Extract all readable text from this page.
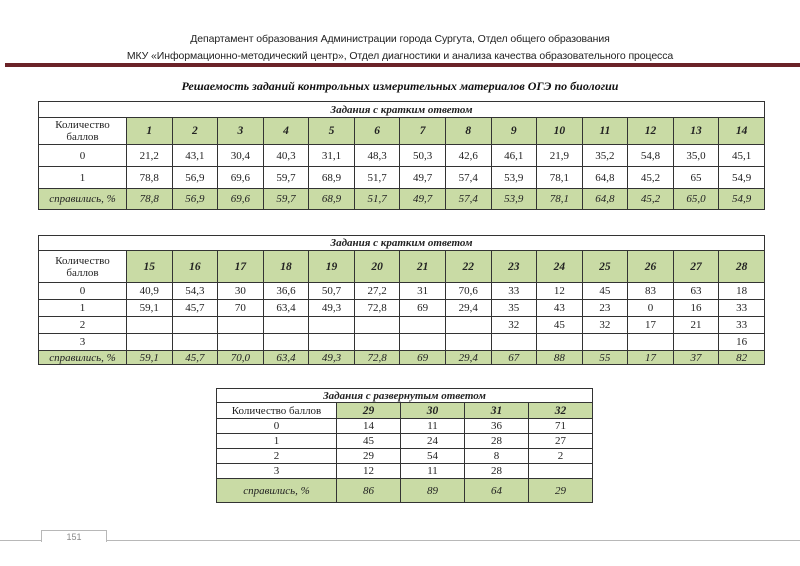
Департамент образования Администрации города Сургута, Отдел общего образования
МКУ «Информационно-методический центр», Отдел диагностики и анализа качества образовательного процесса
Решаемость заданий контрольных измерительных материалов ОГЭ по биологии
Задания с кратким ответом														
Количество баллов	1	2	3	4	5	6	7	8	9	10	11	12	13	14
0	21,2	43,1	30,4	40,3	31,1	48,3	50,3	42,6	46,1	21,9	35,2	54,8	35,0	45,1
1	78,8	56,9	69,6	59,7	68,9	51,7	49,7	57,4	53,9	78,1	64,8	45,2	65	54,9
справились, %	78,8	56,9	69,6	59,7	68,9	51,7	49,7	57,4	53,9	78,1	64,8	45,2	65,0	54,9
Задания с кратким ответом														
Количество баллов	15	16	17	18	19	20	21	22	23	24	25	26	27	28
0	40,9	54,3	30	36,6	50,7	27,2	31	70,6	33	12	45	83	63	18
1	59,1	45,7	70	63,4	49,3	72,8	69	29,4	35	43	23	0	16	33
2									32	45	32	17	21	33
3														16
справились, %	59,1	45,7	70,0	63,4	49,3	72,8	69	29,4	67	88	55	17	37	82
Задания с развернутым ответом				
Количество баллов	29	30	31	32
0	14	11	36	71
1	45	24	28	27
2	29	54	8	2
3	12	11	28	
справились, %	86	89	64	29
151
